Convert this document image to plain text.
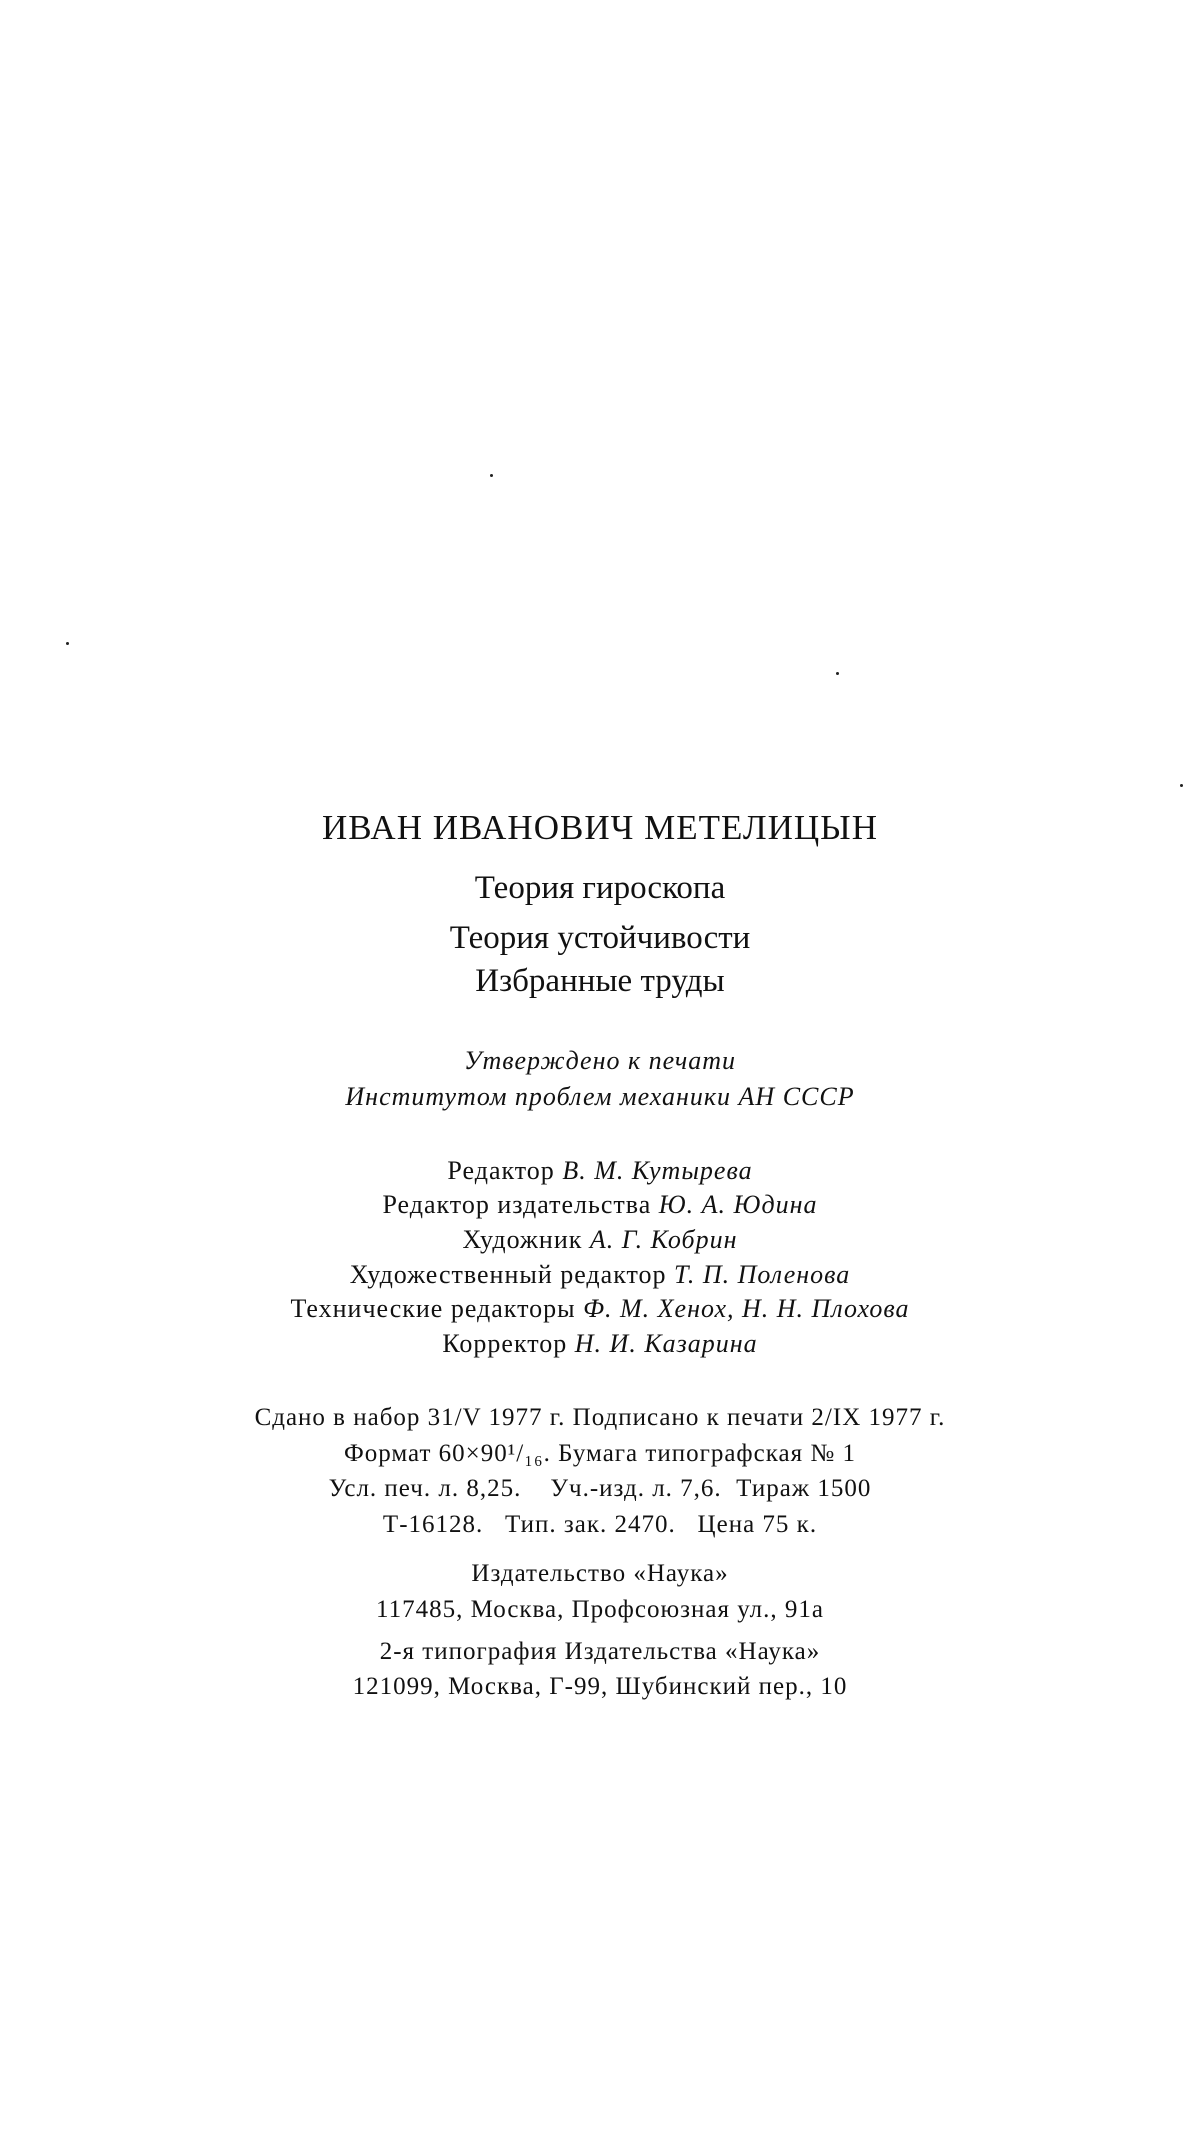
ИВАН ИВАНОВИЧ МЕТЕЛИЦЫН
Теория гироскопа
Теория устойчивости
Избранные труды
Утверждено к печати
Институтом проблем механики АН СССР
Редактор В. М. Кутырева
Редактор издательства Ю. А. Юдина
Художник А. Г. Кобрин
Художественный редактор Т. П. Поленова
Технические редакторы Ф. М. Хенох, Н. Н. Плохова
Корректор Н. И. Казарина
Сдано в набор 31/V 1977 г. Подписано к печати 2/IX 1977 г.
Формат 60×90¹/₁₆. Бумага типографская № 1
Усл. печ. л. 8,25.    Уч.-изд. л. 7,6.  Тираж 1500
Т-16128.   Тип. зак. 2470.   Цена 75 к.
Издательство «Наука»
117485, Москва, Профсоюзная ул., 91а
2-я типография Издательства «Наука»
121099, Москва, Г-99, Шубинский пер., 10
